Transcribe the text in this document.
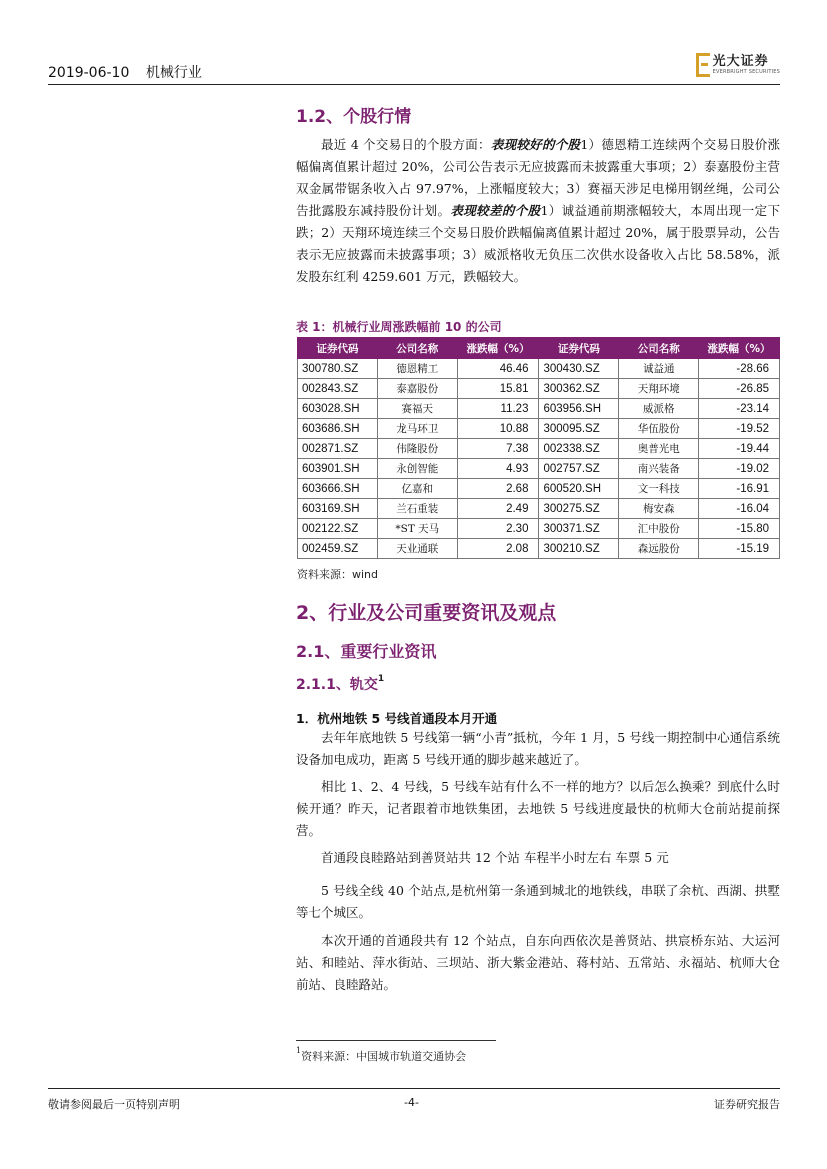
2019-06-10 机械行业
光大证券
EVERBRIGHT SECURITIES
1.2、个股行情
最近 4 个交易日的个股方面：表现较好的个股1）德恩精工连续两个交易日股价涨幅偏离值累计超过 20%，公司公告表示无应披露而未披露重大事项；2）泰嘉股份主营双金属带锯条收入占 97.97%，上涨幅度较大；3）赛福天涉足电梯用钢丝绳，公司公告批露股东减持股份计划。表现较差的个股1）诚益通前期涨幅较大，本周出现一定下跌；2）天翔环境连续三个交易日股价跌幅偏离值累计超过 20%，属于股票异动，公告表示无应披露而未披露事项；3）威派格收无负压二次供水设备收入占比 58.58%，派发股东红利 4259.601 万元，跌幅较大。
表 1：机械行业周涨跌幅前 10 的公司
证券代码	公司名称	涨跌幅（%）	证券代码	公司名称	涨跌幅（%）
300780.SZ	德恩精工	46.46	300430.SZ	诚益通	-28.66
002843.SZ	泰嘉股份	15.81	300362.SZ	天翔环境	-26.85
603028.SH	赛福天	11.23	603956.SH	威派格	-23.14
603686.SH	龙马环卫	10.88	300095.SZ	华伍股份	-19.52
002871.SZ	伟隆股份	7.38	002338.SZ	奥普光电	-19.44
603901.SH	永创智能	4.93	002757.SZ	南兴装备	-19.02
603666.SH	亿嘉和	2.68	600520.SH	文一科技	-16.91
603169.SH	兰石重装	2.49	300275.SZ	梅安森	-16.04
002122.SZ	*ST 天马	2.30	300371.SZ	汇中股份	-15.80
002459.SZ	天业通联	2.08	300210.SZ	森远股份	-15.19
资料来源：wind
2、行业及公司重要资讯及观点
2.1、重要行业资讯
2.1.1、轨交$^1$
1．杭州地铁 5 号线首通段本月开通
去年年底地铁 5 号线第一辆“小青”抵杭，今年 1 月，5 号线一期控制中心通信系统设备加电成功，距离 5 号线开通的脚步越来越近了。
相比 1、2、4 号线，5 号线车站有什么不一样的地方？以后怎么换乘？到底什么时候开通？昨天，记者跟着市地铁集团，去地铁 5 号线进度最快的杭师大仓前站提前探营。
首通段良睦路站到善贤站共 12 个站 车程半小时左右 车票 5 元
5 号线全线 40 个站点,是杭州第一条通到城北的地铁线，串联了余杭、西湖、拱墅等七个城区。
本次开通的首通段共有 12 个站点，自东向西依次是善贤站、拱宸桥东站、大运河站、和睦站、萍水街站、三坝站、浙大紫金港站、蒋村站、五常站、永福站、杭师大仓前站、良睦路站。
$^1$资料来源：中国城市轨道交通协会
敬请参阅最后一页特别声明	-4-	证券研究报告
